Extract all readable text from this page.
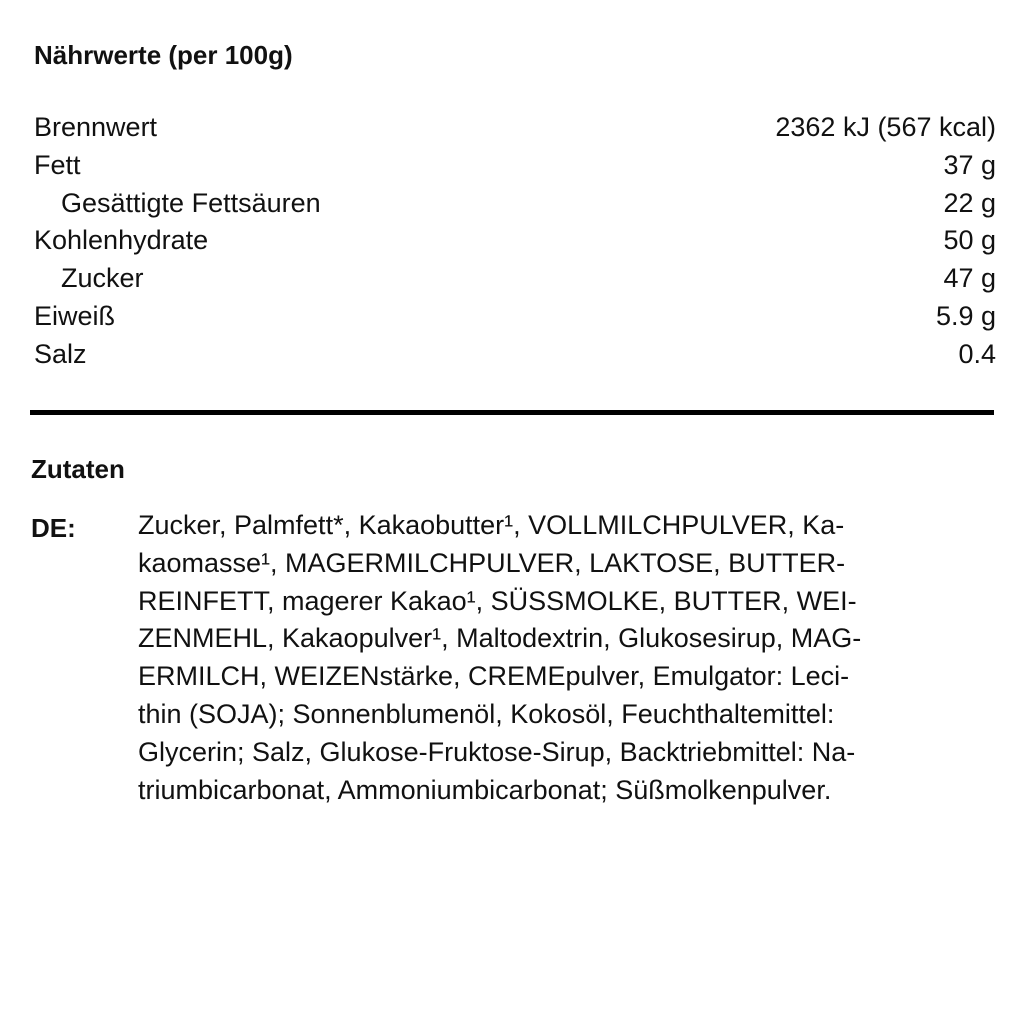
Nährwerte (per 100g)
Brennwert	2362 kJ (567 kcal)
Fett	37 g
Gesättigte Fettsäuren	22 g
Kohlenhydrate	50 g
Zucker	47 g
Eiweiß	5.9 g
Salz	0.4
Zutaten
DE: Zucker, Palmfett*, Kakaobutter¹, VOLLMILCHPULVER, Ka-
kaomasse¹, MAGERMILCHPULVER, LAKTOSE, BUTTER-
REINFETT, magerer Kakao¹, SÜSSMOLKE, BUTTER, WEI-
ZENMEHL, Kakaopulver¹, Maltodextrin, Glukosesirup, MAG-
ERMILCH, WEIZENstärke, CREMEpulver, Emulgator: Leci-
thin (SOJA); Sonnenblumenöl, Kokosöl, Feuchthaltemittel:
Glycerin; Salz, Glukose-Fruktose-Sirup, Backtriebmittel: Na-
triumbicarbonat, Ammoniumbicarbonat; Süßmolkenpulver.
